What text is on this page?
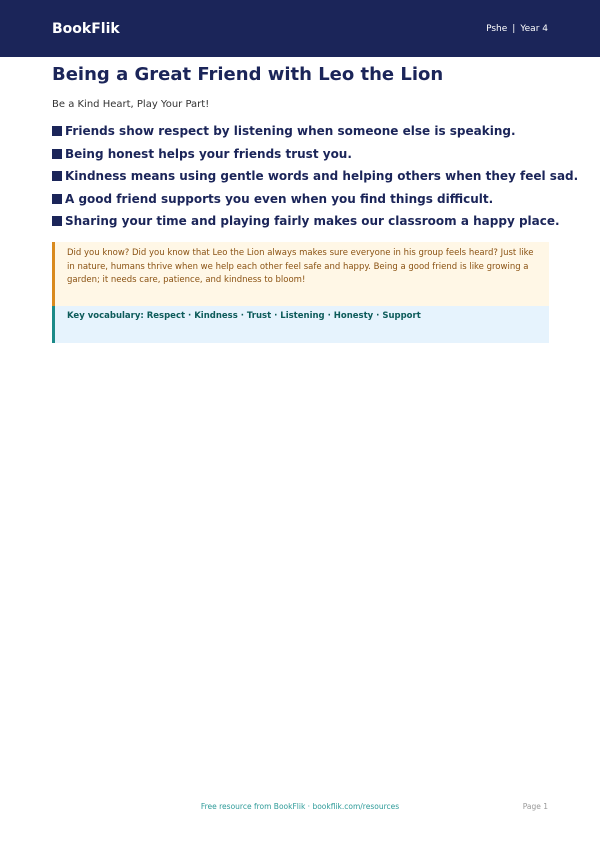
BookFlik	Pshe | Year 4
Being a Great Friend with Leo the Lion

Be a Kind Heart, Play Your Part!

Friends show respect by listening when someone else is speaking.
Being honest helps your friends trust you.
Kindness means using gentle words and helping others when they feel sad.
A good friend supports you even when you find things difficult.
Sharing your time and playing fairly makes our classroom a happy place.
Did you know? Did you know that Leo the Lion always makes sure everyone in his group feels heard? Just like in nature, humans thrive when we help each other feel safe and happy. Being a good friend is like growing a garden; it needs care, patience, and kindness to bloom!
Key vocabulary: Respect · Kindness · Trust · Listening · Honesty · Support
Free resource from BookFlik · bookflik.com/resources	Page 1
